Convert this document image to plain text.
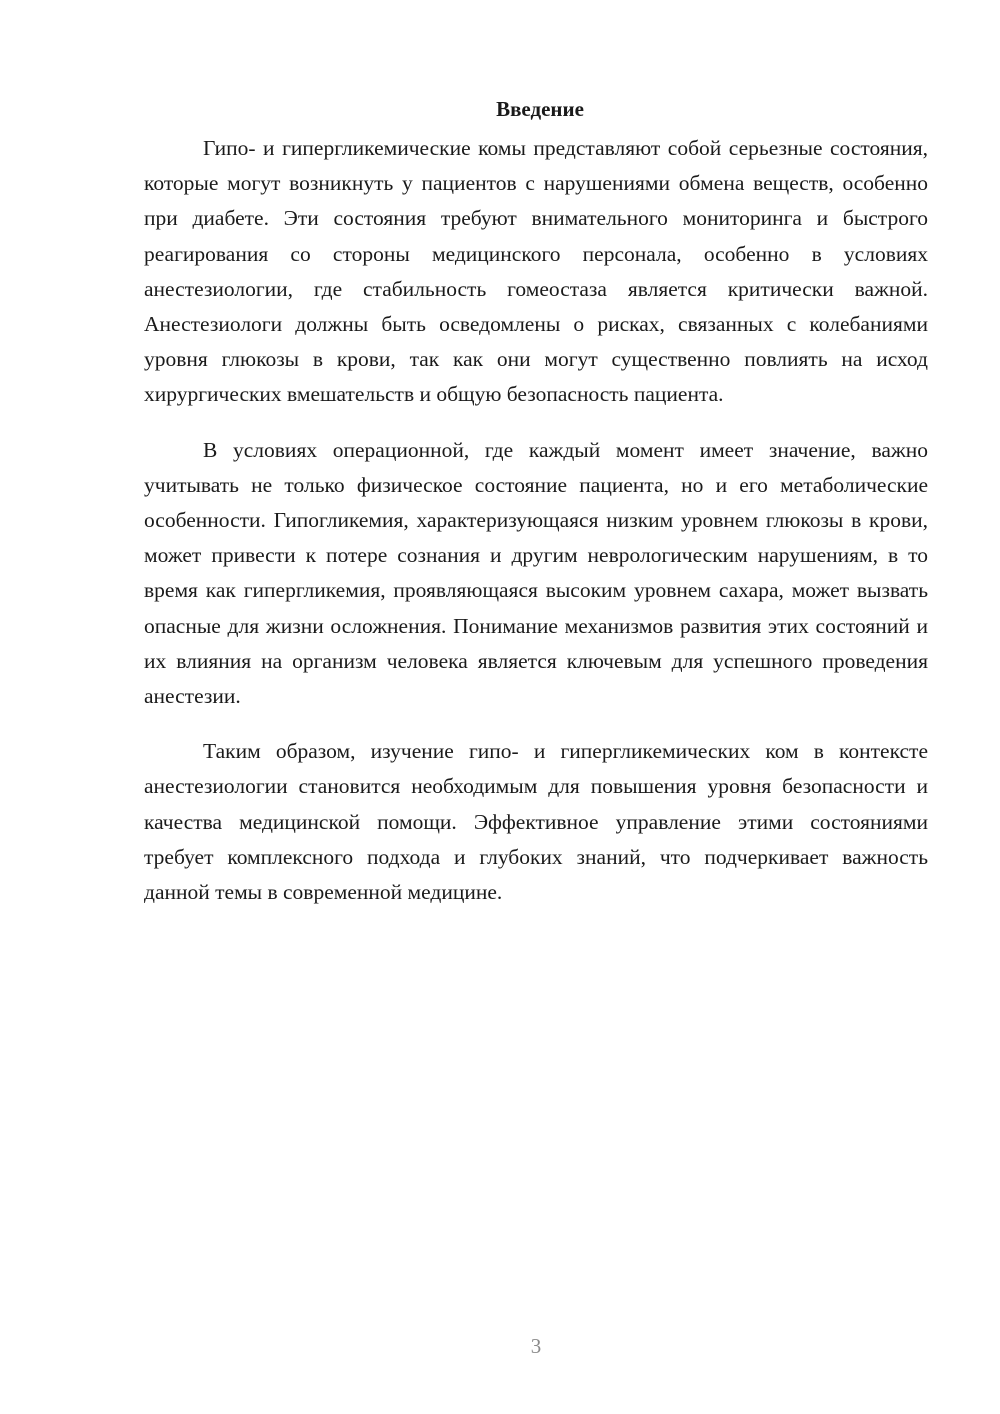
Введение

Гипо- и гипергликемические комы представляют собой серьезные состояния, которые могут возникнуть у пациентов с нарушениями обмена веществ, особенно при диабете. Эти состояния требуют внимательного мониторинга и быстрого реагирования со стороны медицинского персонала, особенно в условиях анестезиологии, где стабильность гомеостаза является критически важной. Анестезиологи должны быть осведомлены о рисках, связанных с колебаниями уровня глюкозы в крови, так как они могут существенно повлиять на исход хирургических вмешательств и общую безопасность пациента.

В условиях операционной, где каждый момент имеет значение, важно учитывать не только физическое состояние пациента, но и его метаболические особенности. Гипогликемия, характеризующаяся низким уровнем глюкозы в крови, может привести к потере сознания и другим неврологическим нарушениям, в то время как гипергликемия, проявляющаяся высоким уровнем сахара, может вызвать опасные для жизни осложнения. Понимание механизмов развития этих состояний и их влияния на организм человека является ключевым для успешного проведения анестезии.

Таким образом, изучение гипо- и гипергликемических ком в контексте анестезиологии становится необходимым для повышения уровня безопасности и качества медицинской помощи. Эффективное управление этими состояниями требует комплексного подхода и глубоких знаний, что подчеркивает важность данной темы в современной медицине.

3
